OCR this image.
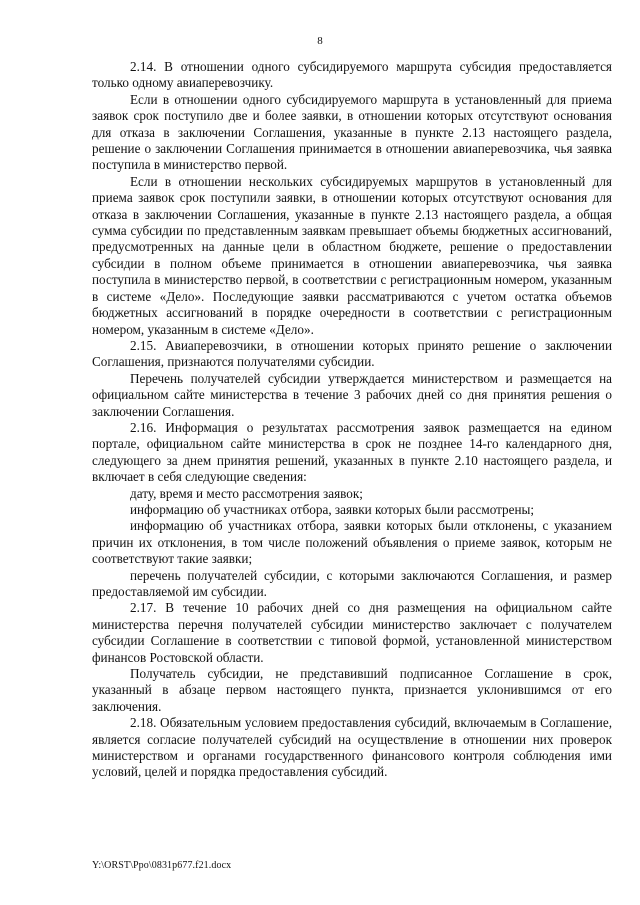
8

2.14. В отношении одного субсидируемого маршрута субсидия предоставляется только одному авиаперевозчику.

Если в отношении одного субсидируемого маршрута в установленный для приема заявок срок поступило две и более заявки, в отношении которых отсутствуют основания для отказа в заключении Соглашения, указанные в пункте 2.13 настоящего раздела, решение о заключении Соглашения принимается в отношении авиаперевозчика, чья заявка поступила в министерство первой.

Если в отношении нескольких субсидируемых маршрутов в установленный для приема заявок срок поступили заявки, в отношении которых отсутствуют основания для отказа в заключении Соглашения, указанные в пункте 2.13 настоящего раздела, а общая сумма субсидии по представленным заявкам превышает объемы бюджетных ассигнований, предусмотренных на данные цели в областном бюджете, решение о предоставлении субсидии в полном объеме принимается в отношении авиаперевозчика, чья заявка поступила в министерство первой, в соответствии с регистрационным номером, указанным в системе «Дело». Последующие заявки рассматриваются с учетом остатка объемов бюджетных ассигнований в порядке очередности в соответствии с регистрационным номером, указанным в системе «Дело».

2.15. Авиаперевозчики, в отношении которых принято решение о заключении Соглашения, признаются получателями субсидии.

Перечень получателей субсидии утверждается министерством и размещается на официальном сайте министерства в течение 3 рабочих дней со дня принятия решения о заключении Соглашения.

2.16. Информация о результатах рассмотрения заявок размещается на едином портале, официальном сайте министерства в срок не позднее 14-го календарного дня, следующего за днем принятия решений, указанных в пункте 2.10 настоящего раздела, и включает в себя следующие сведения:

дату, время и место рассмотрения заявок;

информацию об участниках отбора, заявки которых были рассмотрены;

информацию об участниках отбора, заявки которых были отклонены, с указанием причин их отклонения, в том числе положений объявления о приеме заявок, которым не соответствуют такие заявки;

перечень получателей субсидии, с которыми заключаются Соглашения, и размер предоставляемой им субсидии.

2.17. В течение 10 рабочих дней со дня размещения на официальном сайте министерства перечня получателей субсидии министерство заключает с получателем субсидии Соглашение в соответствии с типовой формой, установленной министерством финансов Ростовской области.

Получатель субсидии, не представивший подписанное Соглашение в срок, указанный в абзаце первом настоящего пункта, признается уклонившимся от его заключения.

2.18. Обязательным условием предоставления субсидий, включаемым в Соглашение, является согласие получателей субсидий на осуществление в отношении них проверок министерством и органами государственного финансового контроля соблюдения ими условий, целей и порядка предоставления субсидий.

Y:\ORST\Ppo\0831p677.f21.docx
